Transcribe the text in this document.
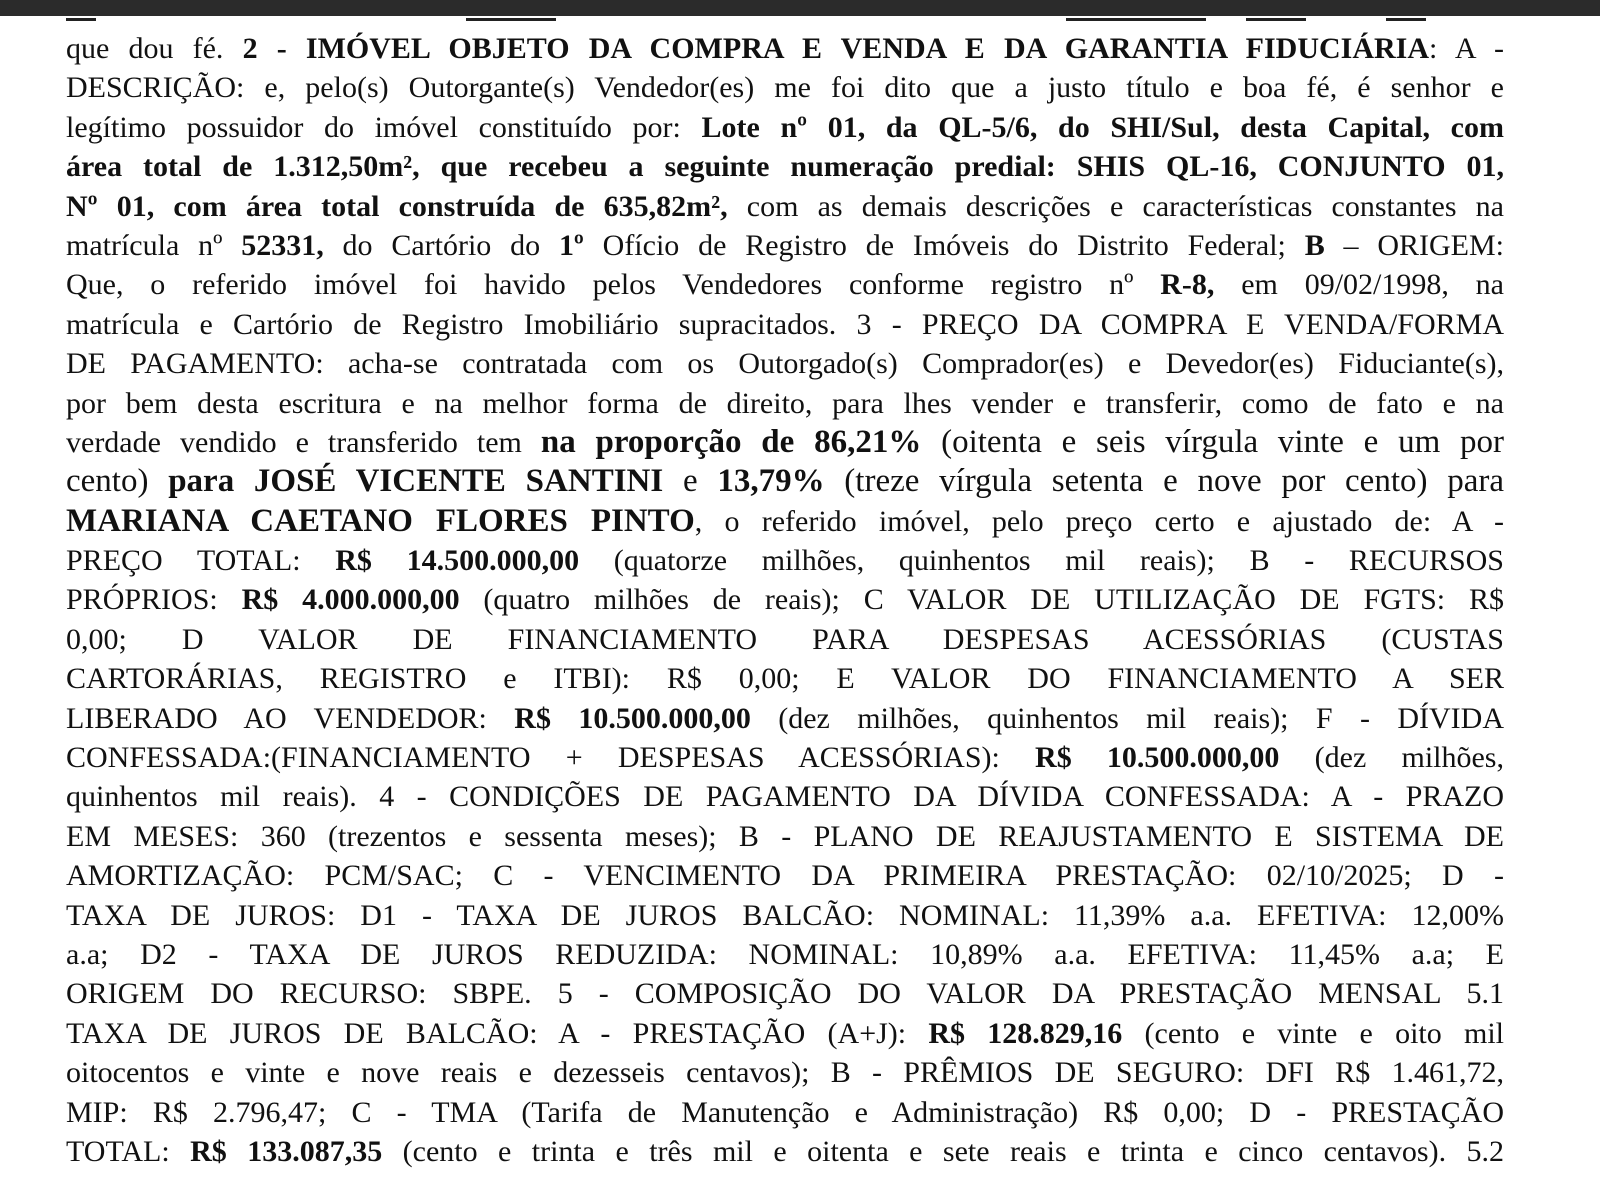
que dou fé. 2 - IMÓVEL OBJETO DA COMPRA E VENDA E DA GARANTIA FIDUCIÁRIA: A -
DESCRIÇÃO: e, pelo(s) Outorgante(s) Vendedor(es) me foi dito que a justo título e boa fé, é senhor e
legítimo possuidor do imóvel constituído por: Lote nº 01, da QL-5/6, do SHI/Sul, desta Capital, com
área total de 1.312,50m², que recebeu a seguinte numeração predial: SHIS QL-16, CONJUNTO 01,
Nº 01, com área total construída de 635,82m², com as demais descrições e características constantes na
matrícula nº 52331, do Cartório do 1º Ofício de Registro de Imóveis do Distrito Federal; B – ORIGEM:
Que, o referido imóvel foi havido pelos Vendedores conforme registro nº R-8, em 09/02/1998, na
matrícula e Cartório de Registro Imobiliário supracitados. 3 - PREÇO DA COMPRA E VENDA/FORMA
DE PAGAMENTO: acha-se contratada com os Outorgado(s) Comprador(es) e Devedor(es) Fiduciante(s),
por bem desta escritura e na melhor forma de direito, para lhes vender e transferir, como de fato e na
verdade vendido e transferido tem na proporção de 86,21% (oitenta e seis vírgula vinte e um por
cento) para JOSÉ VICENTE SANTINI e 13,79% (treze vírgula setenta e nove por cento) para
MARIANA CAETANO FLORES PINTO, o referido imóvel, pelo preço certo e ajustado de: A -
PREÇO TOTAL: R$ 14.500.000,00 (quatorze milhões, quinhentos mil reais); B - RECURSOS
PRÓPRIOS: R$ 4.000.000,00 (quatro milhões de reais); C VALOR DE UTILIZAÇÃO DE FGTS: R$
0,00; D VALOR DE FINANCIAMENTO PARA DESPESAS ACESSÓRIAS (CUSTAS
CARTORÁRIAS, REGISTRO e ITBI): R$ 0,00; E VALOR DO FINANCIAMENTO A SER
LIBERADO AO VENDEDOR: R$ 10.500.000,00 (dez milhões, quinhentos mil reais); F - DÍVIDA
CONFESSADA:(FINANCIAMENTO + DESPESAS ACESSÓRIAS): R$ 10.500.000,00 (dez milhões,
quinhentos mil reais). 4 - CONDIÇÕES DE PAGAMENTO DA DÍVIDA CONFESSADA: A - PRAZO
EM MESES: 360 (trezentos e sessenta meses); B - PLANO DE REAJUSTAMENTO E SISTEMA DE
AMORTIZAÇÃO: PCM/SAC; C - VENCIMENTO DA PRIMEIRA PRESTAÇÃO: 02/10/2025; D -
TAXA DE JUROS: D1 - TAXA DE JUROS BALCÃO: NOMINAL: 11,39% a.a. EFETIVA: 12,00%
a.a; D2 - TAXA DE JUROS REDUZIDA: NOMINAL: 10,89% a.a. EFETIVA: 11,45% a.a; E
ORIGEM DO RECURSO: SBPE. 5 - COMPOSIÇÃO DO VALOR DA PRESTAÇÃO MENSAL 5.1
TAXA DE JUROS DE BALCÃO: A - PRESTAÇÃO (A+J): R$ 128.829,16 (cento e vinte e oito mil
oitocentos e vinte e nove reais e dezesseis centavos); B - PRÊMIOS DE SEGURO: DFI R$ 1.461,72,
MIP: R$ 2.796,47; C - TMA (Tarifa de Manutenção e Administração) R$ 0,00; D - PRESTAÇÃO
TOTAL: R$ 133.087,35 (cento e trinta e três mil e oitenta e sete reais e trinta e cinco centavos). 5.2
